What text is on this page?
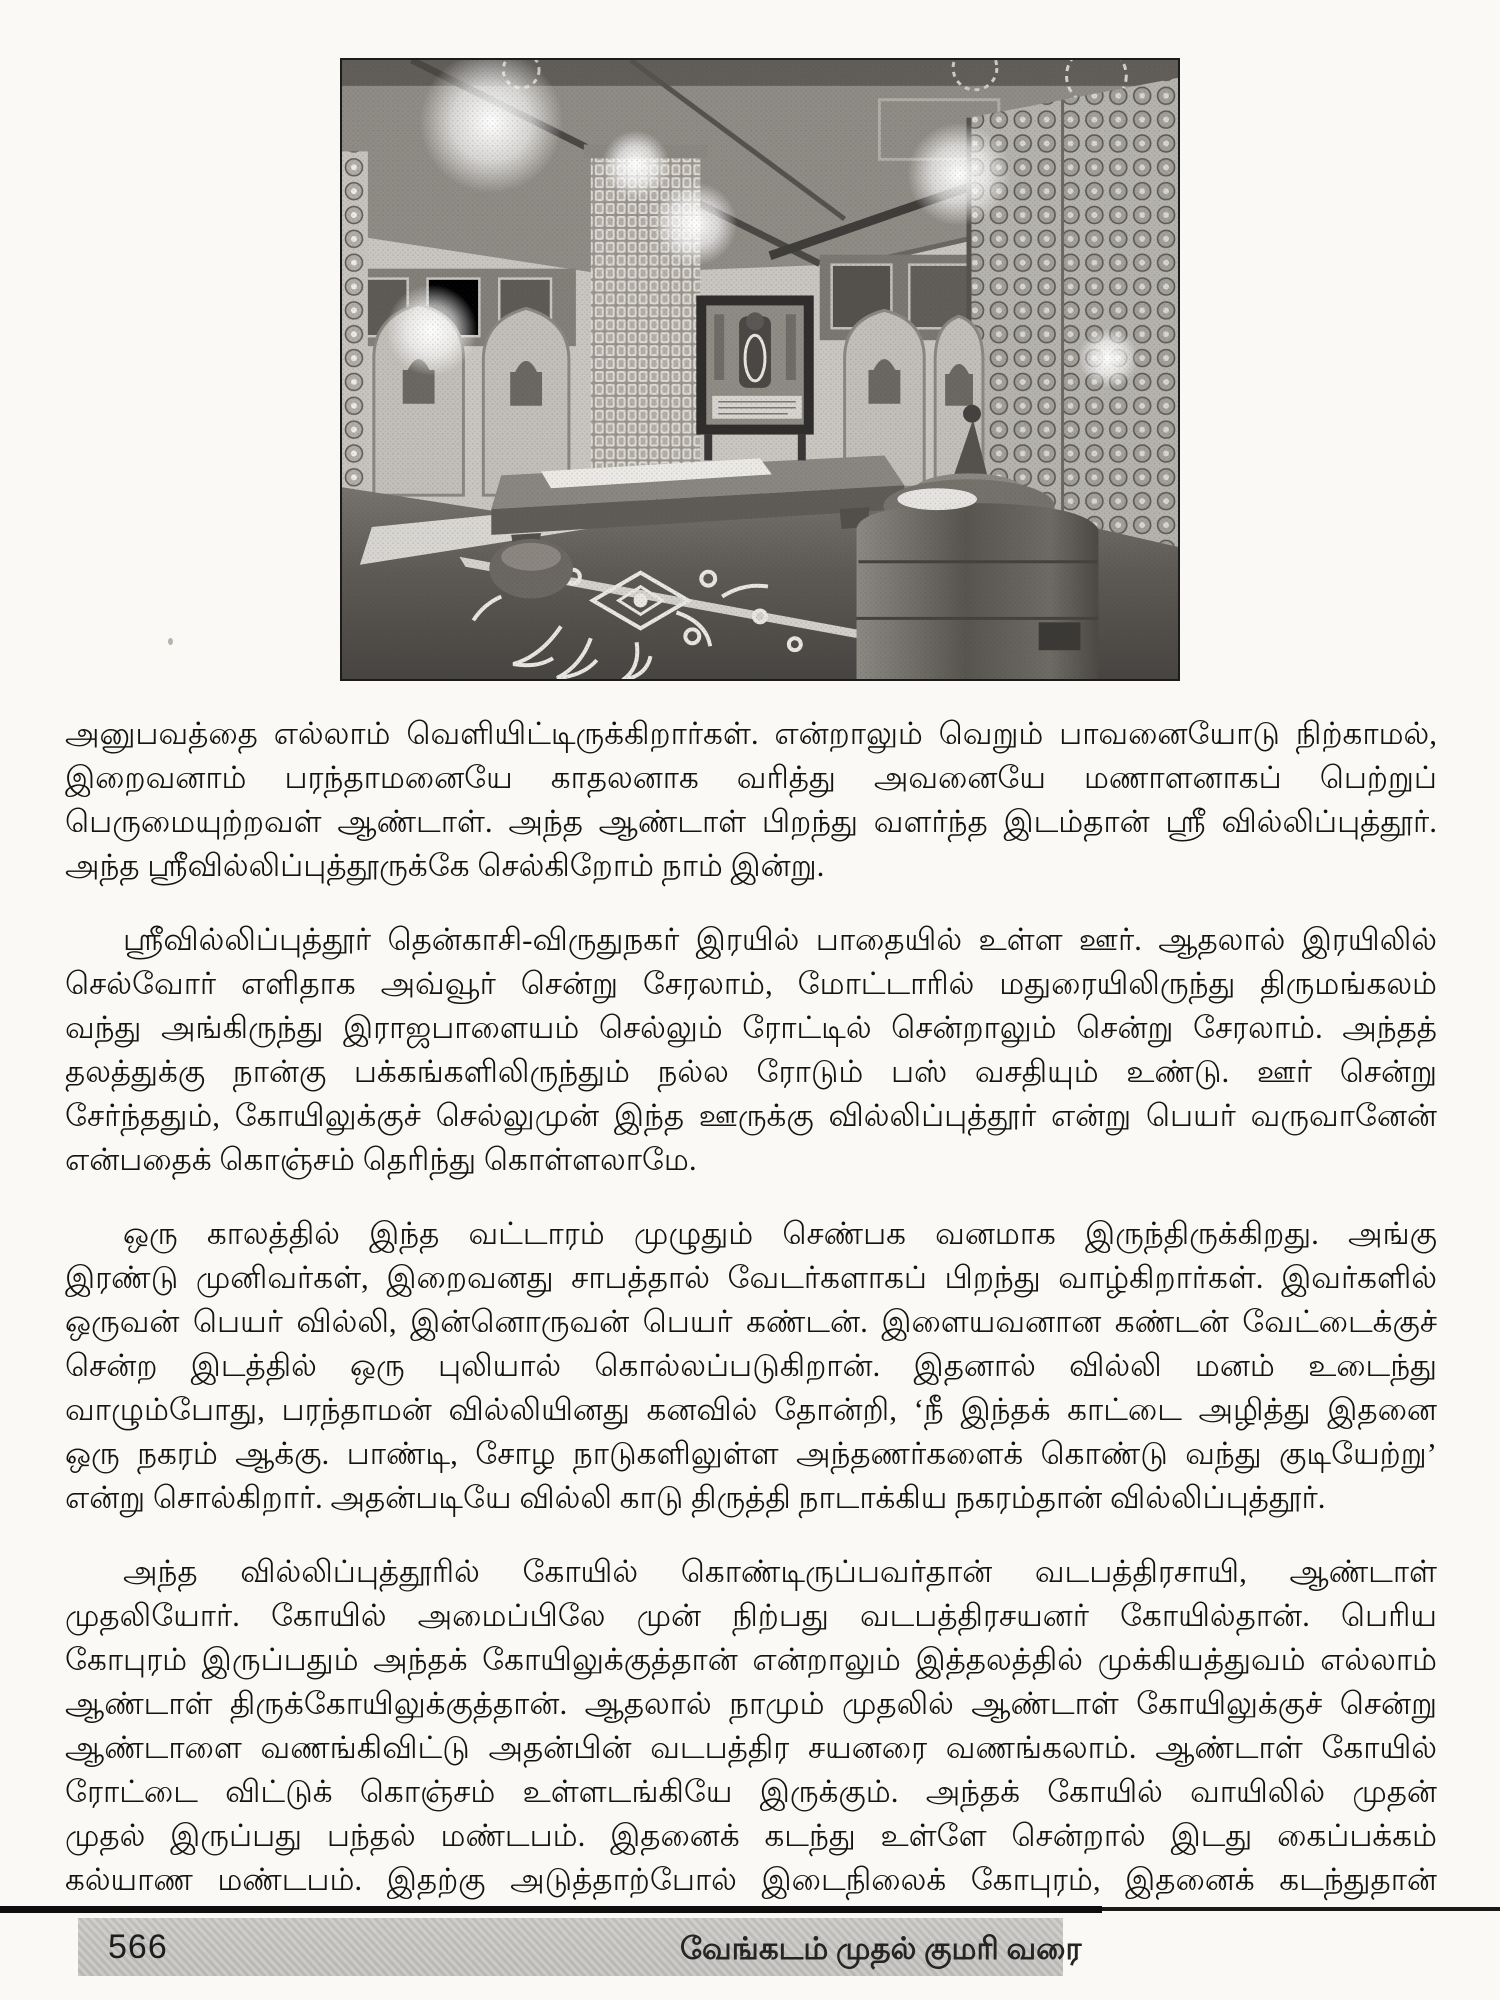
அனுபவத்தை எல்லாம் வெளியிட்டிருக்கிறார்கள். என்றாலும் வெறும் பாவனையோடு நிற்காமல்,
இறைவனாம் பரந்தாமனையே காதலனாக வரித்து அவனையே மணாளனாகப் பெற்றுப்
பெருமையுற்றவள் ஆண்டாள். அந்த ஆண்டாள் பிறந்து வளர்ந்த இடம்தான் ஸ்ரீ வில்லிப்புத்தூர்.
அந்த ஸ்ரீவில்லிப்புத்தூருக்கே செல்கிறோம் நாம் இன்று.
ஸ்ரீவில்லிப்புத்தூர் தென்காசி-விருதுநகர் இரயில் பாதையில் உள்ள ஊர். ஆதலால் இரயிலில்
செல்வோர் எளிதாக அவ்வூர் சென்று சேரலாம், மோட்டாரில் மதுரையிலிருந்து திருமங்கலம்
வந்து அங்கிருந்து இராஜபாளையம் செல்லும் ரோட்டில் சென்றாலும் சென்று சேரலாம். அந்தத்
தலத்துக்கு நான்கு பக்கங்களிலிருந்தும் நல்ல ரோடும் பஸ் வசதியும் உண்டு. ஊர் சென்று
சேர்ந்ததும், கோயிலுக்குச் செல்லுமுன் இந்த ஊருக்கு வில்லிப்புத்தூர் என்று பெயர் வருவானேன்
என்பதைக் கொஞ்சம் தெரிந்து கொள்ளலாமே.
ஒரு காலத்தில் இந்த வட்டாரம் முழுதும் செண்பக வனமாக இருந்திருக்கிறது. அங்கு
இரண்டு முனிவர்கள், இறைவனது சாபத்தால் வேடர்களாகப் பிறந்து வாழ்கிறார்கள். இவர்களில்
ஒருவன் பெயர் வில்லி, இன்னொருவன் பெயர் கண்டன். இளையவனான கண்டன் வேட்டைக்குச்
சென்ற இடத்தில் ஒரு புலியால் கொல்லப்படுகிறான். இதனால் வில்லி மனம் உடைந்து
வாழும்போது, பரந்தாமன் வில்லியினது கனவில் தோன்றி, ‘நீ இந்தக் காட்டை அழித்து இதனை
ஒரு நகரம் ஆக்கு. பாண்டி, சோழ நாடுகளிலுள்ள அந்தணர்களைக் கொண்டு வந்து குடியேற்று’
என்று சொல்கிறார். அதன்படியே வில்லி காடு திருத்தி நாடாக்கிய நகரம்தான் வில்லிப்புத்தூர்.
அந்த வில்லிப்புத்தூரில் கோயில் கொண்டிருப்பவர்தான் வடபத்திரசாயி, ஆண்டாள்
முதலியோர். கோயில் அமைப்பிலே முன் நிற்பது வடபத்திரசயனர் கோயில்தான். பெரிய
கோபுரம் இருப்பதும் அந்தக் கோயிலுக்குத்தான் என்றாலும் இத்தலத்தில் முக்கியத்துவம் எல்லாம்
ஆண்டாள் திருக்கோயிலுக்குத்தான். ஆதலால் நாமும் முதலில் ஆண்டாள் கோயிலுக்குச் சென்று
ஆண்டாளை வணங்கிவிட்டு அதன்பின் வடபத்திர சயனரை வணங்கலாம். ஆண்டாள் கோயில்
ரோட்டை விட்டுக் கொஞ்சம் உள்ளடங்கியே இருக்கும். அந்தக் கோயில் வாயிலில் முதன்
முதல் இருப்பது பந்தல் மண்டபம். இதனைக் கடந்து உள்ளே சென்றால் இடது கைப்பக்கம்
கல்யாண மண்டபம். இதற்கு அடுத்தாற்போல் இடைநிலைக் கோபுரம், இதனைக் கடந்துதான்
566	வேங்கடம் முதல் குமரி வரை
